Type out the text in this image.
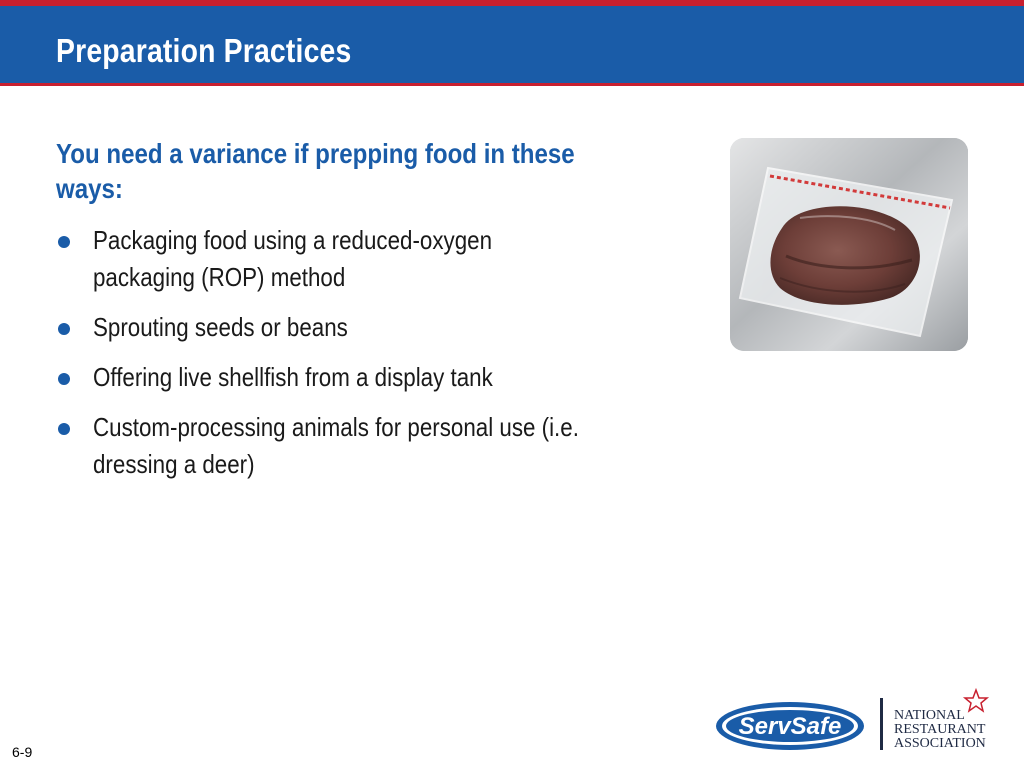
Preparation Practices
You need a variance if prepping food in these ways:
Packaging food using a reduced-oxygen packaging (ROP) method
Sprouting seeds or beans
Offering live shellfish from a display tank
Custom-processing animals for personal use (i.e. dressing a deer)
6-9
ServSafe	NATIONAL
RESTAURANT
ASSOCIATION
